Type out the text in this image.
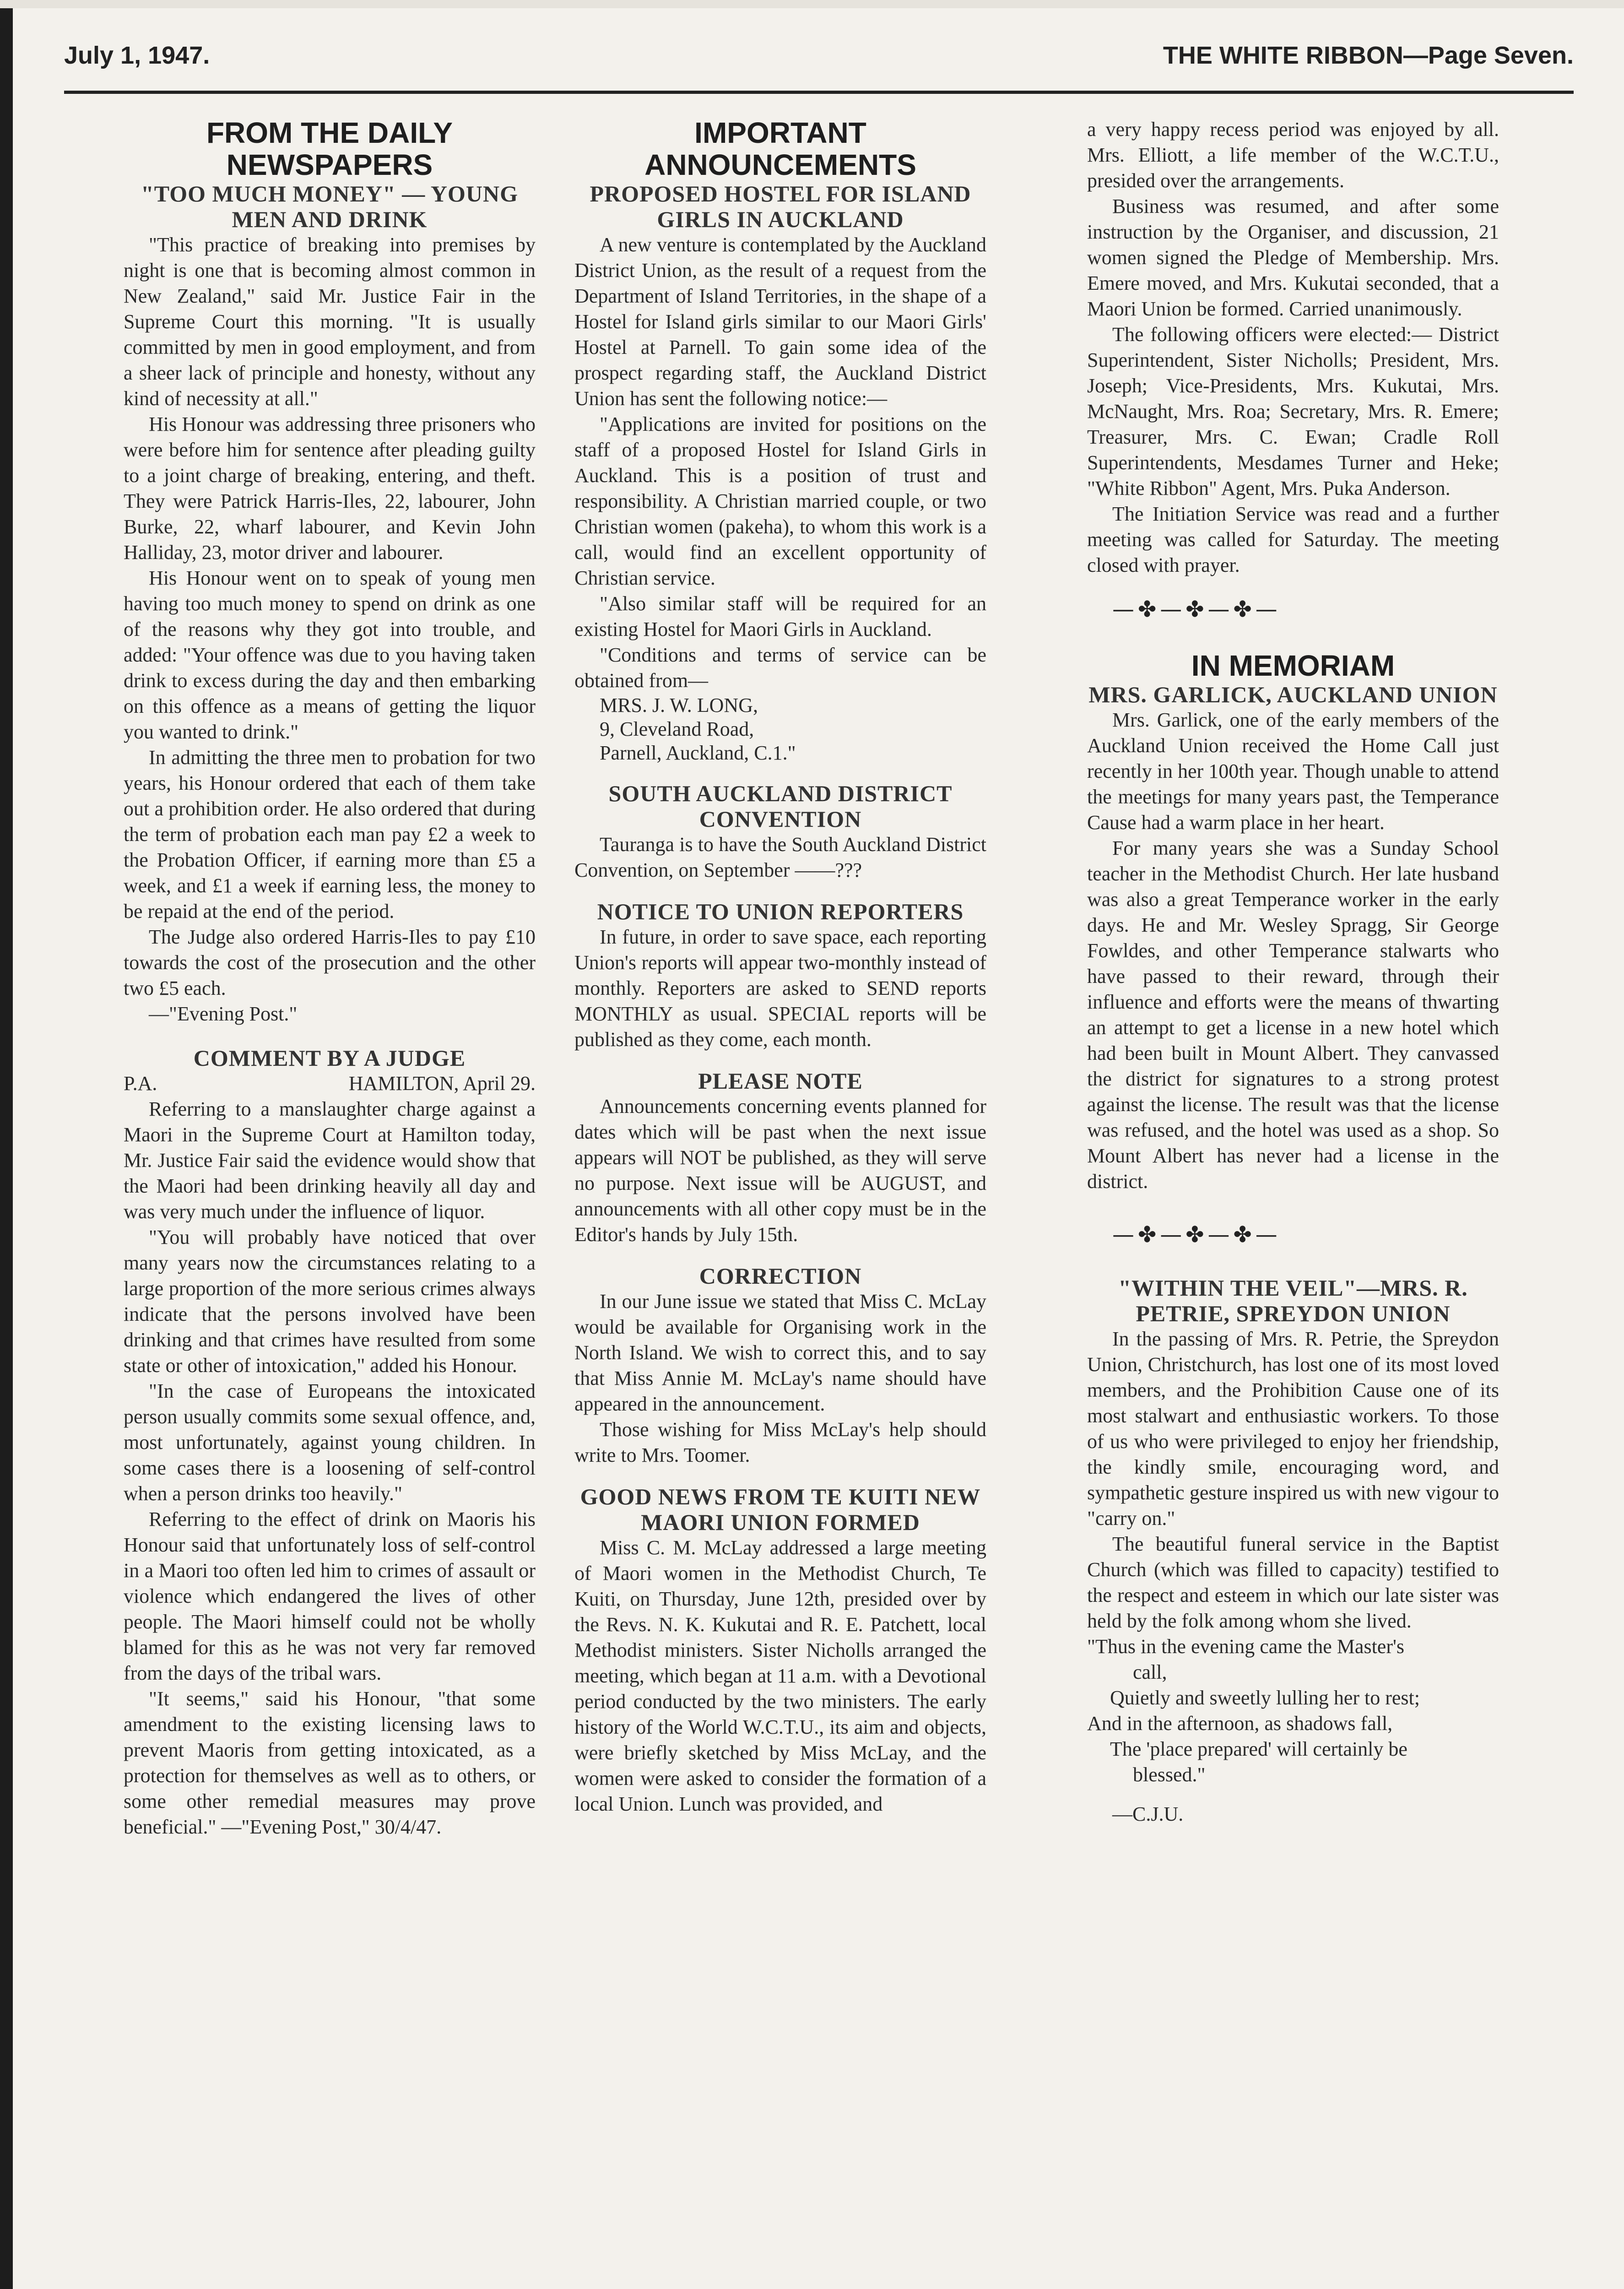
July 1, 1947.	THE WHITE RIBBON—Page Seven.
FROM THE DAILY NEWSPAPERS
"TOO MUCH MONEY" — YOUNG MEN AND DRINK

"This practice of breaking into premises by night is one that is becoming almost common in New Zealand," said Mr. Justice Fair in the Supreme Court this morning. "It is usually committed by men in good employment, and from a sheer lack of principle and honesty, without any kind of necessity at all."

His Honour was addressing three prisoners who were before him for sentence after pleading guilty to a joint charge of breaking, entering, and theft. They were Patrick Harris-Iles, 22, labourer, John Burke, 22, wharf labourer, and Kevin John Halliday, 23, motor driver and labourer.

His Honour went on to speak of young men having too much money to spend on drink as one of the reasons why they got into trouble, and added: "Your offence was due to you having taken drink to excess during the day and then embarking on this offence as a means of getting the liquor you wanted to drink."

In admitting the three men to probation for two years, his Honour ordered that each of them take out a prohibition order. He also ordered that during the term of probation each man pay £2 a week to the Probation Officer, if earning more than £5 a week, and £1 a week if earning less, the money to be repaid at the end of the period.

The Judge also ordered Harris-Iles to pay £10 towards the cost of the prosecution and the other two £5 each.

—"Evening Post."

COMMENT BY A JUDGE
P.A.	HAMILTON, April 29.

Referring to a manslaughter charge against a Maori in the Supreme Court at Hamilton today, Mr. Justice Fair said the evidence would show that the Maori had been drinking heavily all day and was very much under the influence of liquor.

"You will probably have noticed that over many years now the circumstances relating to a large proportion of the more serious crimes always indicate that the persons involved have been drinking and that crimes have resulted from some state or other of intoxication," added his Honour.

"In the case of Europeans the intoxicated person usually commits some sexual offence, and, most unfortunately, against young children. In some cases there is a loosening of self-control when a person drinks too heavily."

Referring to the effect of drink on Maoris his Honour said that unfortunately loss of self-control in a Maori too often led him to crimes of assault or violence which endangered the lives of other people. The Maori himself could not be wholly blamed for this as he was not very far removed from the days of the tribal wars.

"It seems," said his Honour, "that some amendment to the existing licensing laws to prevent Maoris from getting intoxicated, as a protection for themselves as well as to others, or some other remedial measures may prove beneficial." —"Evening Post," 30/4/47.

IMPORTANT ANNOUNCEMENTS
PROPOSED HOSTEL FOR ISLAND GIRLS IN AUCKLAND

A new venture is contemplated by the Auckland District Union, as the result of a request from the Department of Island Territories, in the shape of a Hostel for Island girls similar to our Maori Girls' Hostel at Parnell. To gain some idea of the prospect regarding staff, the Auckland District Union has sent the following notice:—

"Applications are invited for positions on the staff of a proposed Hostel for Island Girls in Auckland. This is a position of trust and responsibility. A Christian married couple, or two Christian women (pakeha), to whom this work is a call, would find an excellent opportunity of Christian service.

"Also similar staff will be required for an existing Hostel for Maori Girls in Auckland.

"Conditions and terms of service can be obtained from—

MRS. J. W. LONG,

9, Cleveland Road,

Parnell, Auckland, C.1."

SOUTH AUCKLAND DISTRICT CONVENTION

Tauranga is to have the South Auckland District Convention, on September ——???

NOTICE TO UNION REPORTERS

In future, in order to save space, each reporting Union's reports will appear two-monthly instead of monthly. Reporters are asked to SEND reports MONTHLY as usual. SPECIAL reports will be published as they come, each month.

PLEASE NOTE

Announcements concerning events planned for dates which will be past when the next issue appears will NOT be published, as they will serve no purpose. Next issue will be AUGUST, and announcements with all other copy must be in the Editor's hands by July 15th.

CORRECTION

In our June issue we stated that Miss C. McLay would be available for Organising work in the North Island. We wish to correct this, and to say that Miss Annie M. McLay's name should have appeared in the announcement.

Those wishing for Miss McLay's help should write to Mrs. Toomer.

GOOD NEWS FROM TE KUITI NEW MAORI UNION FORMED

Miss C. M. McLay addressed a large meeting of Maori women in the Methodist Church, Te Kuiti, on Thursday, June 12th, presided over by the Revs. N. K. Kukutai and R. E. Patchett, local Methodist ministers. Sister Nicholls arranged the meeting, which began at 11 a.m. with a Devotional period conducted by the two ministers. The early history of the World W.C.T.U., its aim and objects, were briefly sketched by Miss McLay, and the women were asked to consider the formation of a local Union. Lunch was provided, and

a very happy recess period was enjoyed by all. Mrs. Elliott, a life member of the W.C.T.U., presided over the arrangements.

Business was resumed, and after some instruction by the Organiser, and discussion, 21 women signed the Pledge of Membership. Mrs. Emere moved, and Mrs. Kukutai seconded, that a Maori Union be formed. Carried unanimously.

The following officers were elected:— District Superintendent, Sister Nicholls; President, Mrs. Joseph; Vice-Presidents, Mrs. Kukutai, Mrs. McNaught, Mrs. Roa; Secretary, Mrs. R. Emere; Treasurer, Mrs. C. Ewan; Cradle Roll Superintendents, Mesdames Turner and Heke; "White Ribbon" Agent, Mrs. Puka Anderson.

The Initiation Service was read and a further meeting was called for Saturday. The meeting closed with prayer.

—✤—✤—✤—

IN MEMORIAM
MRS. GARLICK, AUCKLAND UNION

Mrs. Garlick, one of the early members of the Auckland Union received the Home Call just recently in her 100th year. Though unable to attend the meetings for many years past, the Temperance Cause had a warm place in her heart.

For many years she was a Sunday School teacher in the Methodist Church. Her late husband was also a great Temperance worker in the early days. He and Mr. Wesley Spragg, Sir George Fowldes, and other Temperance stalwarts who have passed to their reward, through their influence and efforts were the means of thwarting an attempt to get a license in a new hotel which had been built in Mount Albert. They canvassed the district for signatures to a strong protest against the license. The result was that the license was refused, and the hotel was used as a shop. So Mount Albert has never had a license in the district.

—✤—✤—✤—

"WITHIN THE VEIL"—MRS. R. PETRIE, SPREYDON UNION

In the passing of Mrs. R. Petrie, the Spreydon Union, Christchurch, has lost one of its most loved members, and the Prohibition Cause one of its most stalwart and enthusiastic workers. To those of us who were privileged to enjoy her friendship, the kindly smile, encouraging word, and sympathetic gesture inspired us with new vigour to "carry on."

The beautiful funeral service in the Baptist Church (which was filled to capacity) testified to the respect and esteem in which our late sister was held by the folk among whom she lived.

"Thus in the evening came the Master's

call,

Quietly and sweetly lulling her to rest;

And in the afternoon, as shadows fall,

The 'place prepared' will certainly be

blessed."

—C.J.U.
